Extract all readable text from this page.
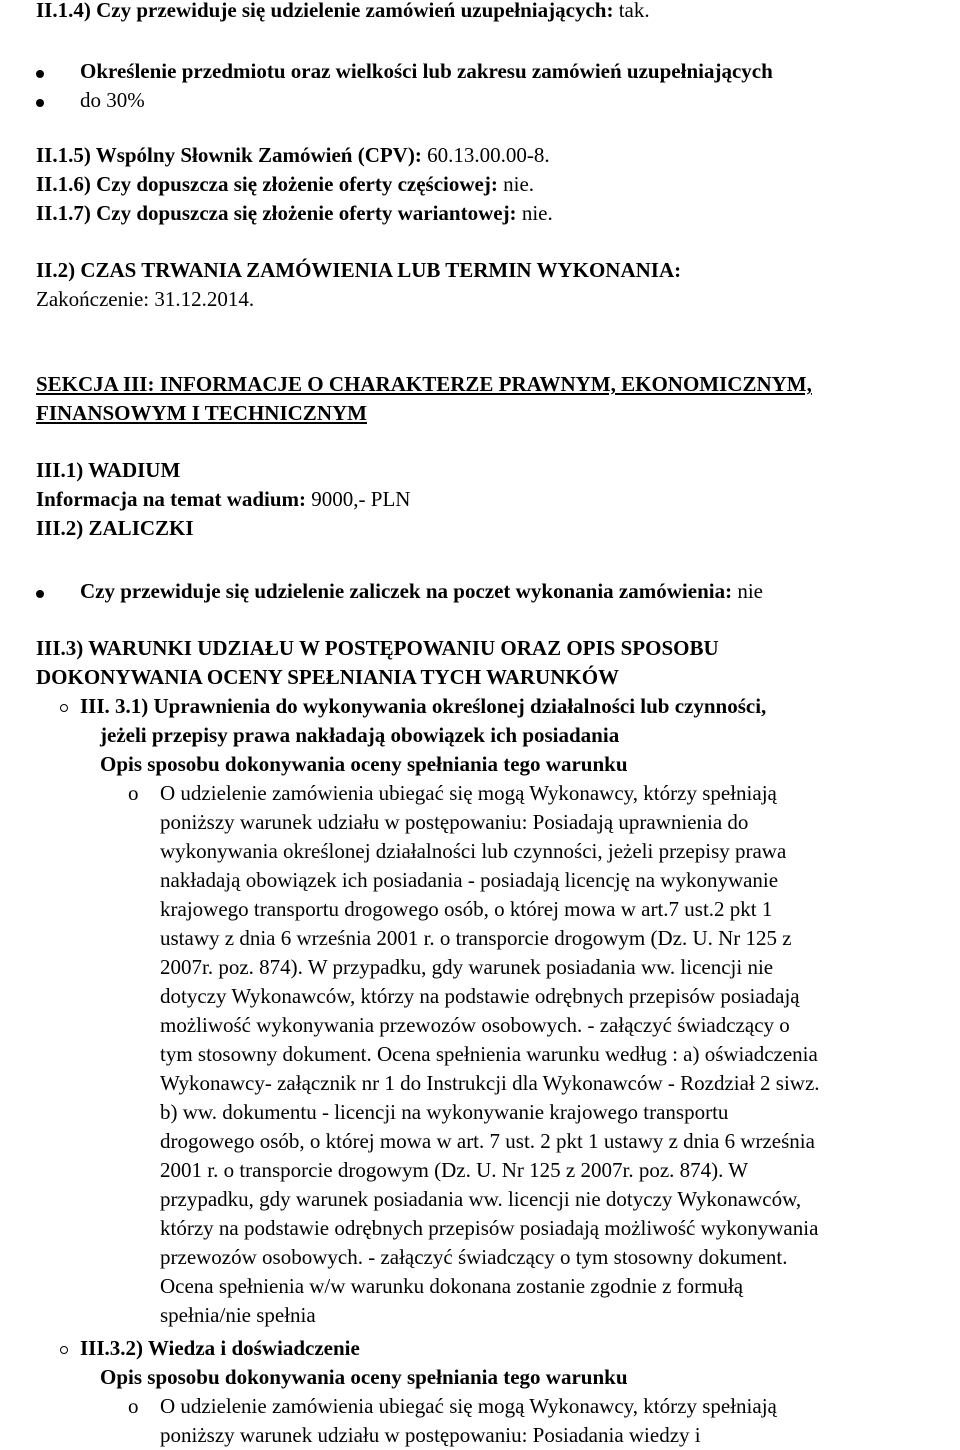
II.1.4) Czy przewiduje się udzielenie zamówień uzupełniających: tak.
Określenie przedmiotu oraz wielkości lub zakresu zamówień uzupełniających
do 30%
II.1.5) Wspólny Słownik Zamówień (CPV): 60.13.00.00-8.
II.1.6) Czy dopuszcza się złożenie oferty częściowej: nie.
II.1.7) Czy dopuszcza się złożenie oferty wariantowej: nie.
II.2) CZAS TRWANIA ZAMÓWIENIA LUB TERMIN WYKONANIA:
Zakończenie: 31.12.2014.
SEKCJA III: INFORMACJE O CHARAKTERZE PRAWNYM, EKONOMICZNYM,
FINANSOWYM I TECHNICZNYM
III.1) WADIUM
Informacja na temat wadium: 9000,- PLN
III.2) ZALICZKI
Czy przewiduje się udzielenie zaliczek na poczet wykonania zamówienia: nie
III.3) WARUNKI UDZIAŁU W POSTĘPOWANIU ORAZ OPIS SPOSOBU
DOKONYWANIA OCENY SPEŁNIANIA TYCH WARUNKÓW
III. 3.1) Uprawnienia do wykonywania określonej działalności lub czynności,
jeżeli przepisy prawa nakładają obowiązek ich posiadania
Opis sposobu dokonywania oceny spełniania tego warunku
o O udzielenie zamówienia ubiegać się mogą Wykonawcy, którzy spełniają
poniższy warunek udziału w postępowaniu: Posiadają uprawnienia do
wykonywania określonej działalności lub czynności, jeżeli przepisy prawa
nakładają obowiązek ich posiadania - posiadają licencję na wykonywanie
krajowego transportu drogowego osób, o której mowa w art.7 ust.2 pkt 1
ustawy z dnia 6 września 2001 r. o transporcie drogowym (Dz. U. Nr 125 z
2007r. poz. 874). W przypadku, gdy warunek posiadania ww. licencji nie
dotyczy Wykonawców, którzy na podstawie odrębnych przepisów posiadają
możliwość wykonywania przewozów osobowych. - załączyć świadczący o
tym stosowny dokument. Ocena spełnienia warunku według : a) oświadczenia
Wykonawcy- załącznik nr 1 do Instrukcji dla Wykonawców - Rozdział 2 siwz.
b) ww. dokumentu - licencji na wykonywanie krajowego transportu
drogowego osób, o której mowa w art. 7 ust. 2 pkt 1 ustawy z dnia 6 września
2001 r. o transporcie drogowym (Dz. U. Nr 125 z 2007r. poz. 874). W
przypadku, gdy warunek posiadania ww. licencji nie dotyczy Wykonawców,
którzy na podstawie odrębnych przepisów posiadają możliwość wykonywania
przewozów osobowych. - załączyć świadczący o tym stosowny dokument.
Ocena spełnienia w/w warunku dokonana zostanie zgodnie z formułą
spełnia/nie spełnia
III.3.2) Wiedza i doświadczenie
Opis sposobu dokonywania oceny spełniania tego warunku
o O udzielenie zamówienia ubiegać się mogą Wykonawcy, którzy spełniają
poniższy warunek udziału w postępowaniu: Posiadania wiedzy i
